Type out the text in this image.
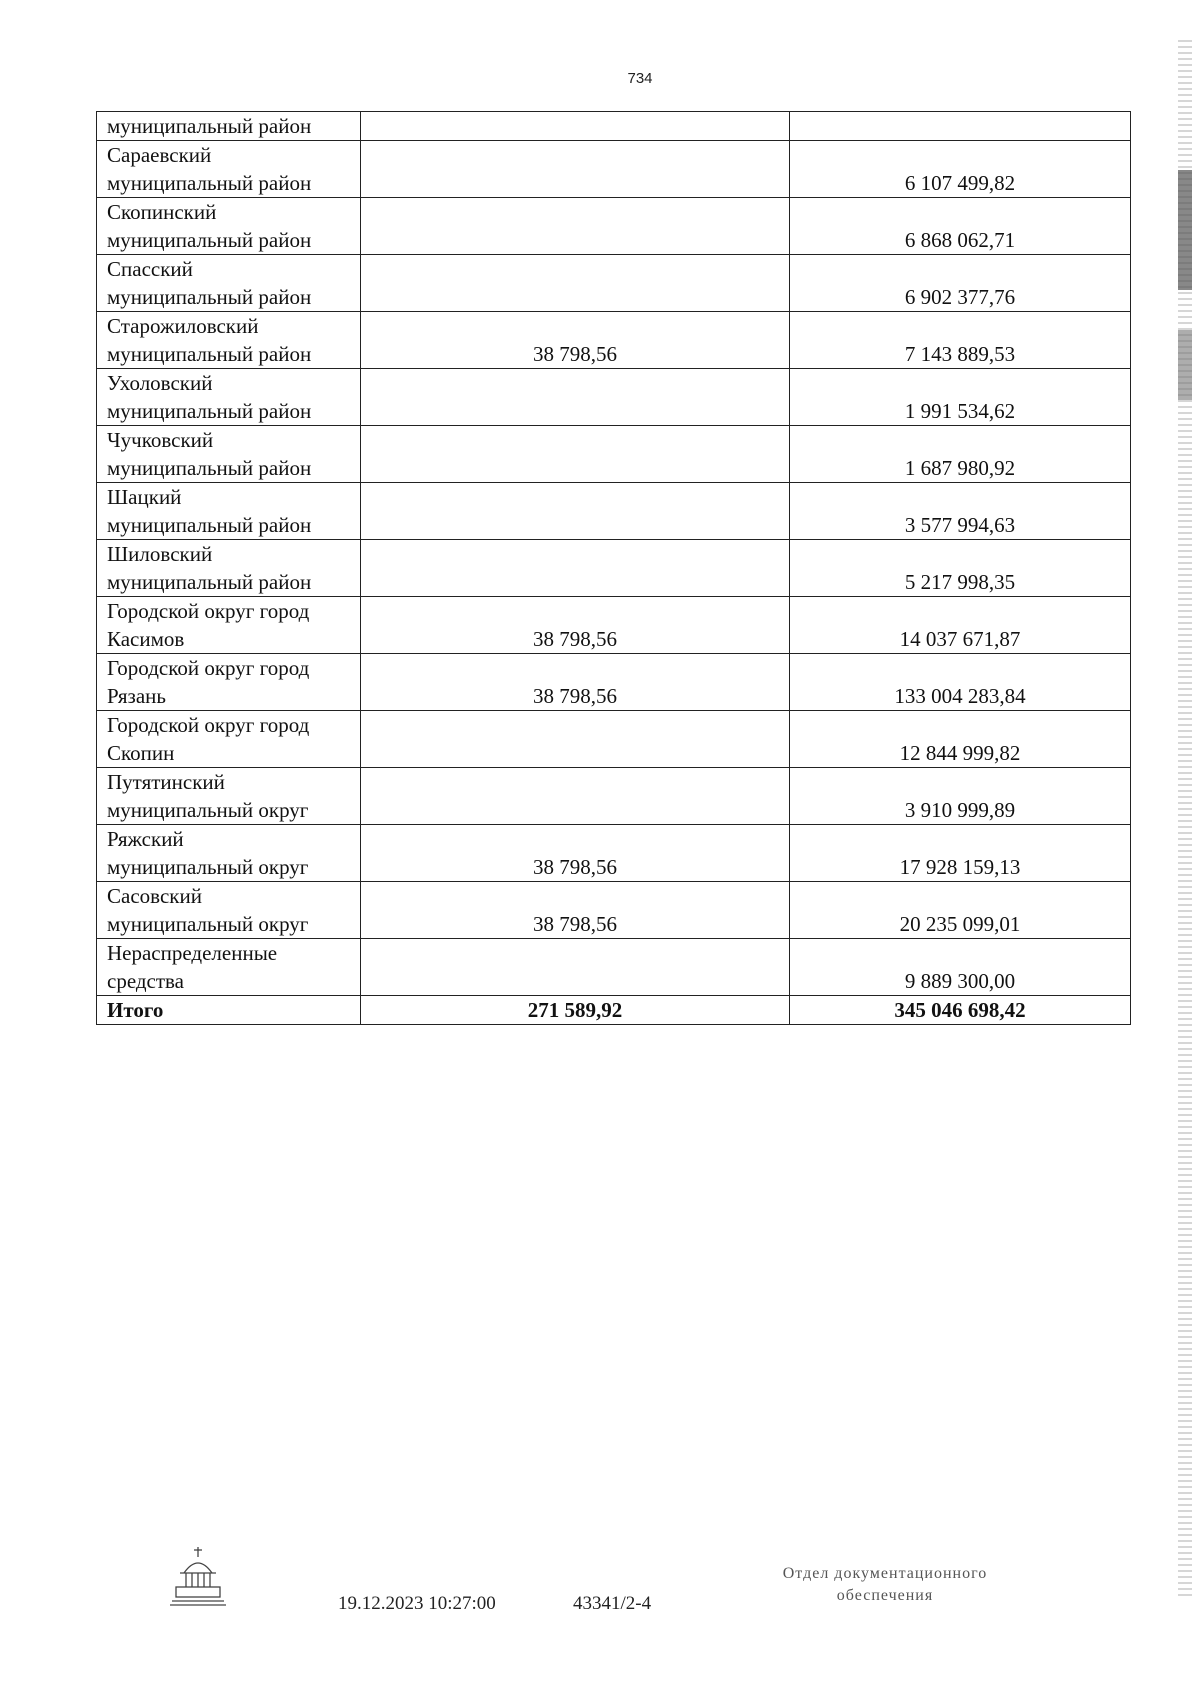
734
муниципальный район		

Сараевский
муниципальный район		6 107 499,82

Скопинский
муниципальный район		6 868 062,71

Спасский
муниципальный район		6 902 377,76

Старожиловский
муниципальный район	38 798,56	7 143 889,53

Ухоловский
муниципальный район		1 991 534,62

Чучковский
муниципальный район		1 687 980,92

Шацкий
муниципальный район		3 577 994,63

Шиловский
муниципальный район		5 217 998,35

Городской округ город
Касимов	38 798,56	14 037 671,87

Городской округ город
Рязань	38 798,56	133 004 283,84

Городской округ город
Скопин		12 844 999,82

Путятинский
муниципальный округ		3 910 999,89

Ряжский
муниципальный округ	38 798,56	17 928 159,13

Сасовский
муниципальный округ	38 798,56	20 235 099,01

Нераспределенные
средства		9 889 300,00
Итого	271 589,92	345 046 698,42
19.12.2023 10:27:00	43341/2-4
Отдел документационного
обеспечения
